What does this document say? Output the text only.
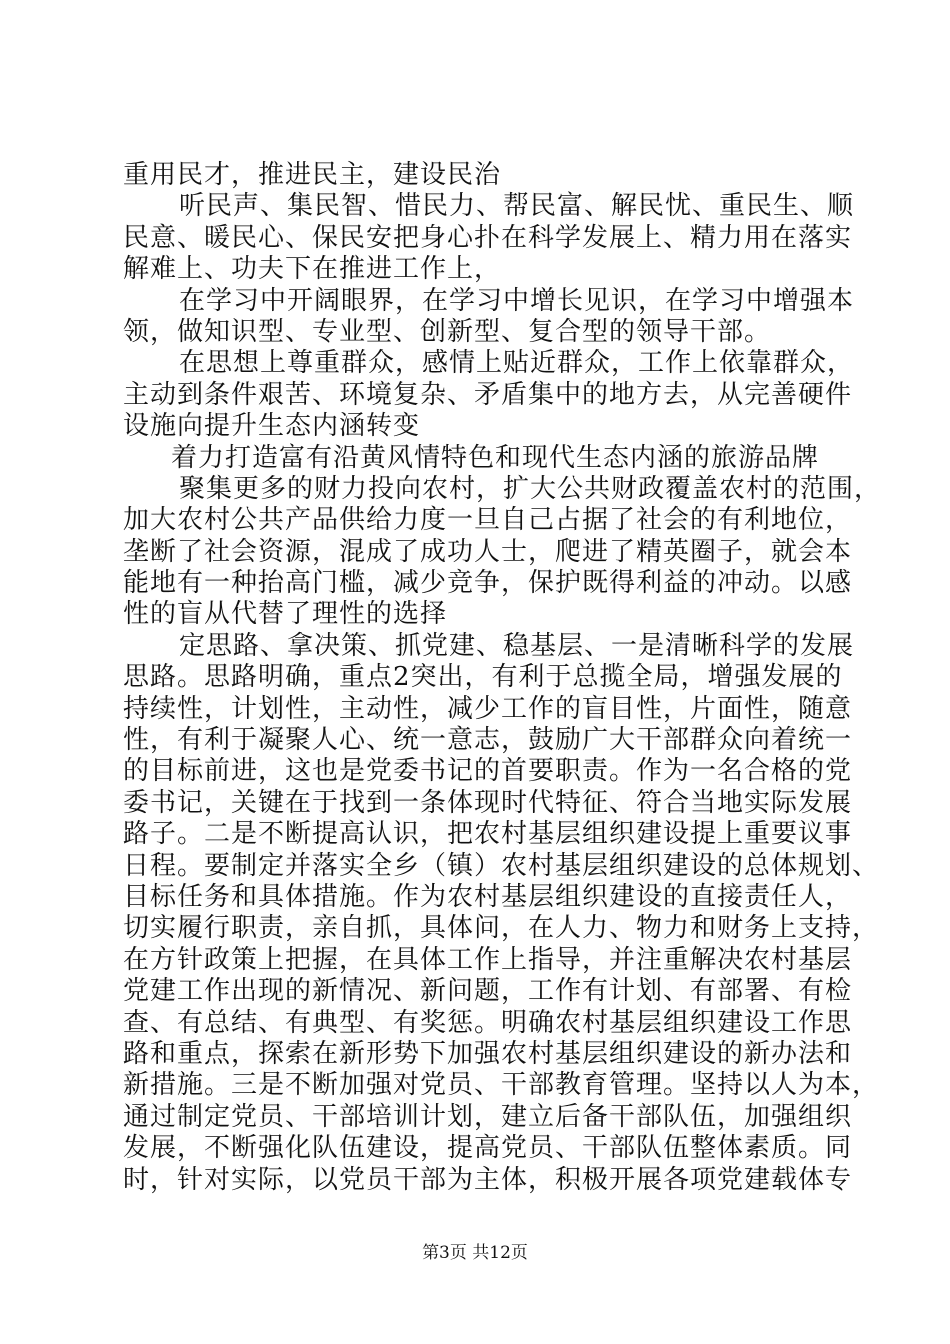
重用民才，推进民主，建设民治
听民声、集民智、惜民力、帮民富、解民忧、重民生、顺
民意、暖民心、保民安把身心扑在科学发展上、精力用在落实
解难上、功夫下在推进工作上，
在学习中开阔眼界，在学习中增长见识，在学习中增强本
领，做知识型、专业型、创新型、复合型的领导干部。
在思想上尊重群众，感情上贴近群众，工作上依靠群众，
主动到条件艰苦、环境复杂、矛盾集中的地方去，从完善硬件
设施向提升生态内涵转变
着力打造富有沿黄风情特色和现代生态内涵的旅游品牌
聚集更多的财力投向农村，扩大公共财政覆盖农村的范围，
加大农村公共产品供给力度一旦自己占据了社会的有利地位，
垄断了社会资源，混成了成功人士，爬进了精英圈子，就会本
能地有一种抬高门槛，减少竞争，保护既得利益的冲动。以感
性的盲从代替了理性的选择
定思路、拿决策、抓党建、稳基层、一是清晰科学的发展
思路。思路明确，重点2突出，有利于总揽全局，增强发展的
持续性，计划性，主动性，减少工作的盲目性，片面性，随意
性，有利于凝聚人心、统一意志，鼓励广大干部群众向着统一
的目标前进，这也是党委书记的首要职责。作为一名合格的党
委书记，关键在于找到一条体现时代特征、符合当地实际发展
路子。二是不断提高认识，把农村基层组织建设提上重要议事
日程。要制定并落实全乡（镇）农村基层组织建设的总体规划、
目标任务和具体措施。作为农村基层组织建设的直接责任人，
切实履行职责，亲自抓，具体问，在人力、物力和财务上支持，
在方针政策上把握，在具体工作上指导，并注重解决农村基层
党建工作出现的新情况、新问题，工作有计划、有部署、有检
查、有总结、有典型、有奖惩。明确农村基层组织建设工作思
路和重点，探索在新形势下加强农村基层组织建设的新办法和
新措施。三是不断加强对党员、干部教育管理。坚持以人为本，
通过制定党员、干部培训计划，建立后备干部队伍，加强组织
发展，不断强化队伍建设，提高党员、干部队伍整体素质。同
时，针对实际，以党员干部为主体，积极开展各项党建载体专
第3页 共12页
